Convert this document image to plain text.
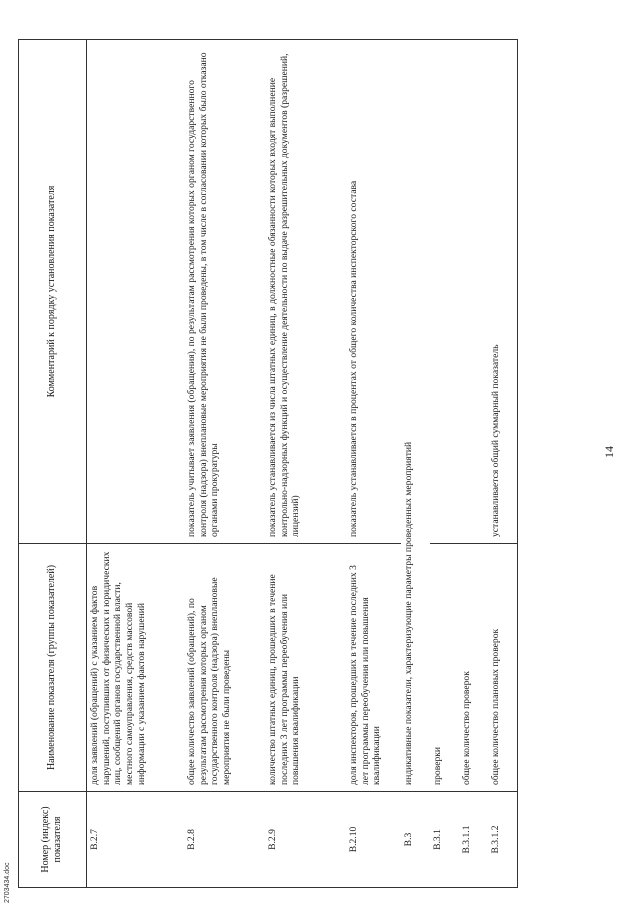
Номер (индекс) показателя	Наименование показателя (группы показателей)	Комментарий к порядку установления показателя
B.2.7	доля заявлений (обращений) с указанием фактов нарушений, поступивших от физических и юридических лиц, сообщений органов государственной власти, местного самоуправления, средств массовой информации с указанием фактов нарушений	
B.2.8	общее количество заявлений (обращений), по результатам рассмотрения которых органом государственного контроля (надзора) внеплановые мероприятия не были проведены	показатель учитывает заявления (обращения), по результатам рассмотрения которых органом государственного контроля (надзора) внеплановые мероприятия не были проведены, в том числе в согласовании которых было отказано органами прокуратуры
B.2.9	количество штатных единиц, прошедших в течение последних 3 лет программы переобучения или повышения квалификации	показатель устанавливается из числа штатных единиц, в должностные обязанности которых входят выполнение контрольно-надзорных функций и осуществление деятельности по выдаче разрешительных документов (разрешений, лицензий)
B.2.10	доля инспекторов, прошедших в течение последних 3 лет программы переобучения или повышения квалификации	показатель устанавливается в процентах от общего количества инспекторского состава
B.3	индикативные показатели, характеризующие параметры проведенных мероприятий	
B.3.1	проверки	
B.3.1.1	общее количество проверок	
B.3.1.2	общее количество плановых проверок	устанавливается общий суммарный показатель	14
2703434.doc
